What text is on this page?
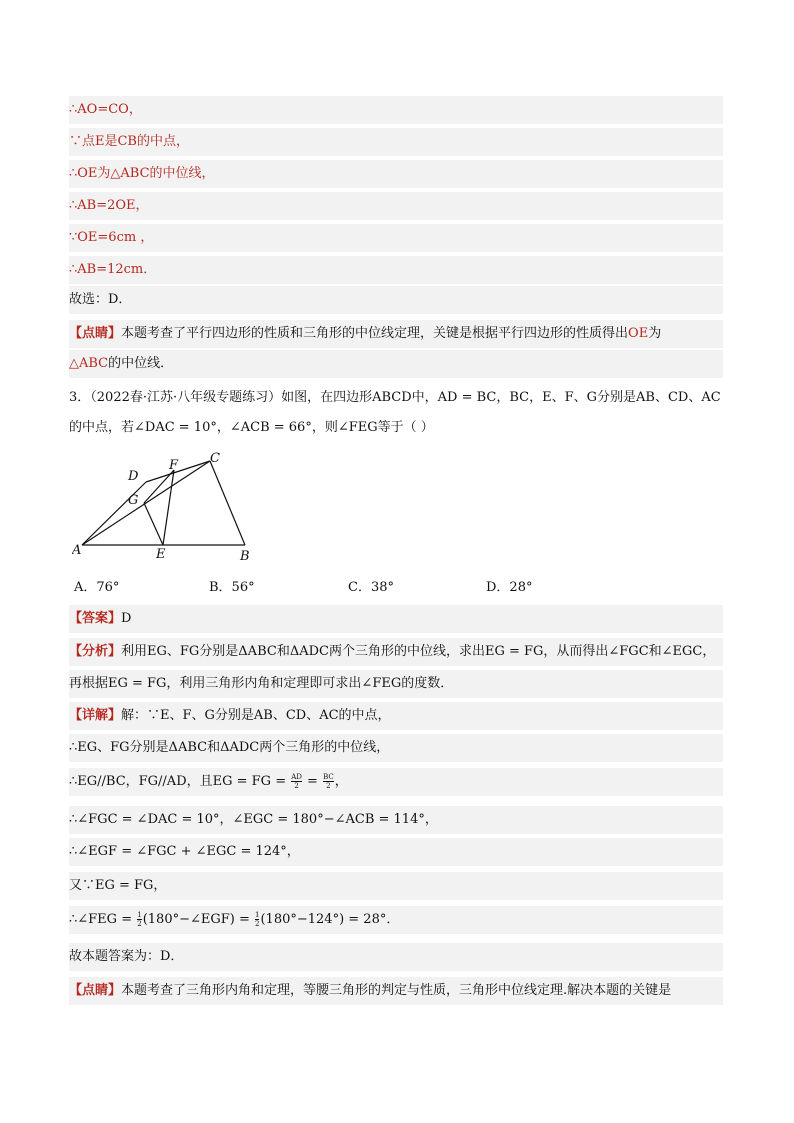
∴AO=CO，
∵点E是CB的中点，
∴OE为△ABC的中位线，
∴AB=2OE，
∵OE=6cm ，
∴AB=12cm．
故选：D．
【点睛】本题考查了平行四边形的性质和三角形的中位线定理，关键是根据平行四边形的性质得出OE为
△ABC的中位线．
3．（2022春·江苏·八年级专题练习）如图，在四边形ABCD中，AD = BC，BC，E、F、G分别是AB、CD、AC
的中点，若∠DAC = 10°，∠ACB = 66°，则∠FEG等于（ ）
A	B
C
D
E
F
G
A．76°	B．56°	C．38°	D．28°
【答案】D
【分析】利用EG、FG分别是ΔABC和ΔADC两个三角形的中位线，求出EG = FG，从而得出∠FGC和∠EGC，
再根据EG = FG，利用三角形内角和定理即可求出∠FEG的度数．
【详解】解：∵E、F、G分别是AB、CD、AC的中点，
∴EG、FG分别是ΔABC和ΔADC两个三角形的中位线，
∴EG//BC，FG//AD，且EG = FG = $\frac{AD}{2} = \frac{BC}{2}$ ，
∴∠FGC = ∠DAC = 10°，∠EGC = 180°−∠ACB = 114°，
∴∠EGF = ∠FGC + ∠EGC = 124°，
又∵EG = FG，
∴∠FEG = $\frac{1}{2}$ (180°−∠EGF) = $\frac{1}{2} (180^\circ-124^\circ) = 28^\circ$．
故本题答案为：D．
【点睛】本题考查了三角形内角和定理，等腰三角形的判定与性质，三角形中位线定理.解决本题的关键是
